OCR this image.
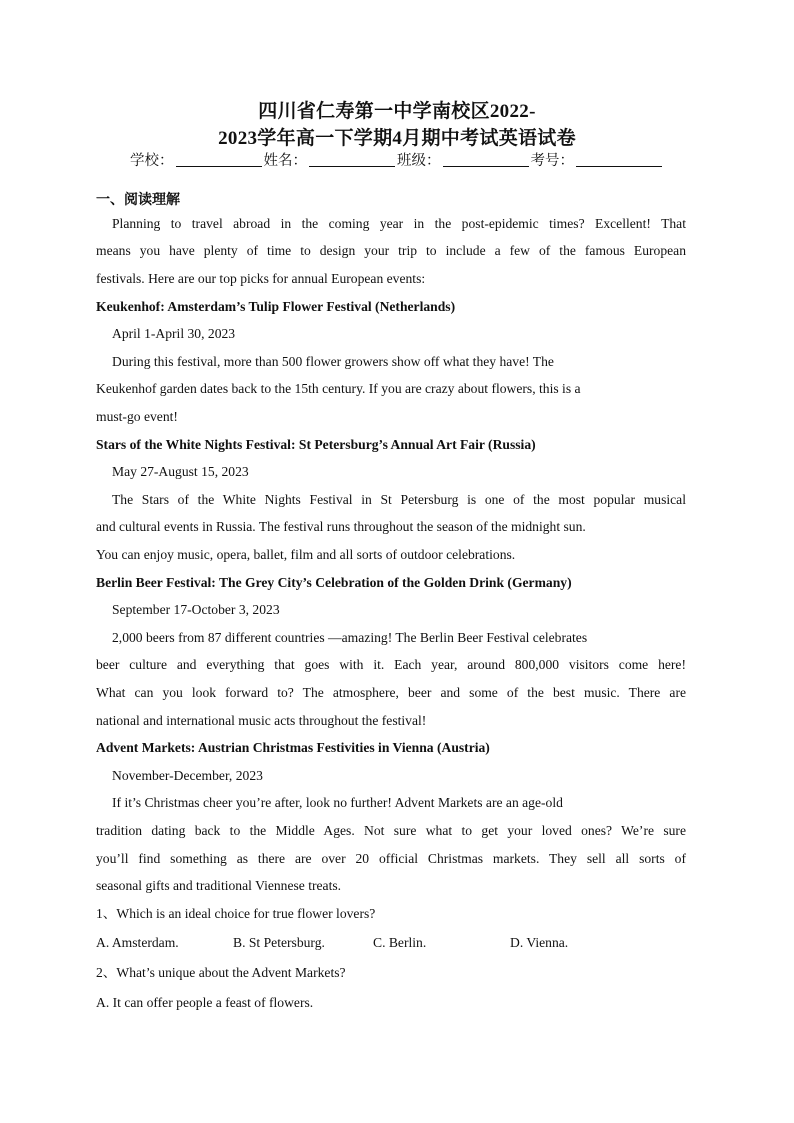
四川省仁寿第一中学南校区2022-
2023学年高一下学期4月期中考试英语试卷
学校：	姓名：	班级：	考号：
一、阅读理解
Planning to travel abroad in the coming year in the post-epidemic times? Excellent! That
means you have plenty of time to design your trip to include a few of the famous European
festivals. Here are our top picks for annual European events:
Keukenhof: Amsterdam’s Tulip Flower Festival (Netherlands)
April 1-April 30, 2023
During this festival, more than 500 flower growers show off what they have! The
Keukenhof garden dates back to the 15th century. If you are crazy about flowers, this is a
must-go event!
Stars of the White Nights Festival: St Petersburg’s Annual Art Fair (Russia)
May 27-August 15, 2023
The Stars of the White Nights Festival in St Petersburg is one of the most popular musical
and cultural events in Russia. The festival runs throughout the season of the midnight sun.
You can enjoy music, opera, ballet, film and all sorts of outdoor celebrations.
Berlin Beer Festival: The Grey City’s Celebration of the Golden Drink (Germany)
September 17-October 3, 2023
2,000 beers from 87 different countries —amazing! The Berlin Beer Festival celebrates
beer culture and everything that goes with it. Each year, around 800,000 visitors come here!
What can you look forward to? The atmosphere, beer and some of the best music. There are
national and international music acts throughout the festival!
Advent Markets: Austrian Christmas Festivities in Vienna (Austria)
November-December, 2023
If it’s Christmas cheer you’re after, look no further! Advent Markets are an age-old
tradition dating back to the Middle Ages. Not sure what to get your loved ones? We’re sure
you’ll find something as there are over 20 official Christmas markets. They sell all sorts of
seasonal gifts and traditional Viennese treats.
1、Which is an ideal choice for true flower lovers?
A. Amsterdam.	B. St Petersburg.	C. Berlin.	D. Vienna.
2、What’s unique about the Advent Markets?
A. It can offer people a feast of flowers.
